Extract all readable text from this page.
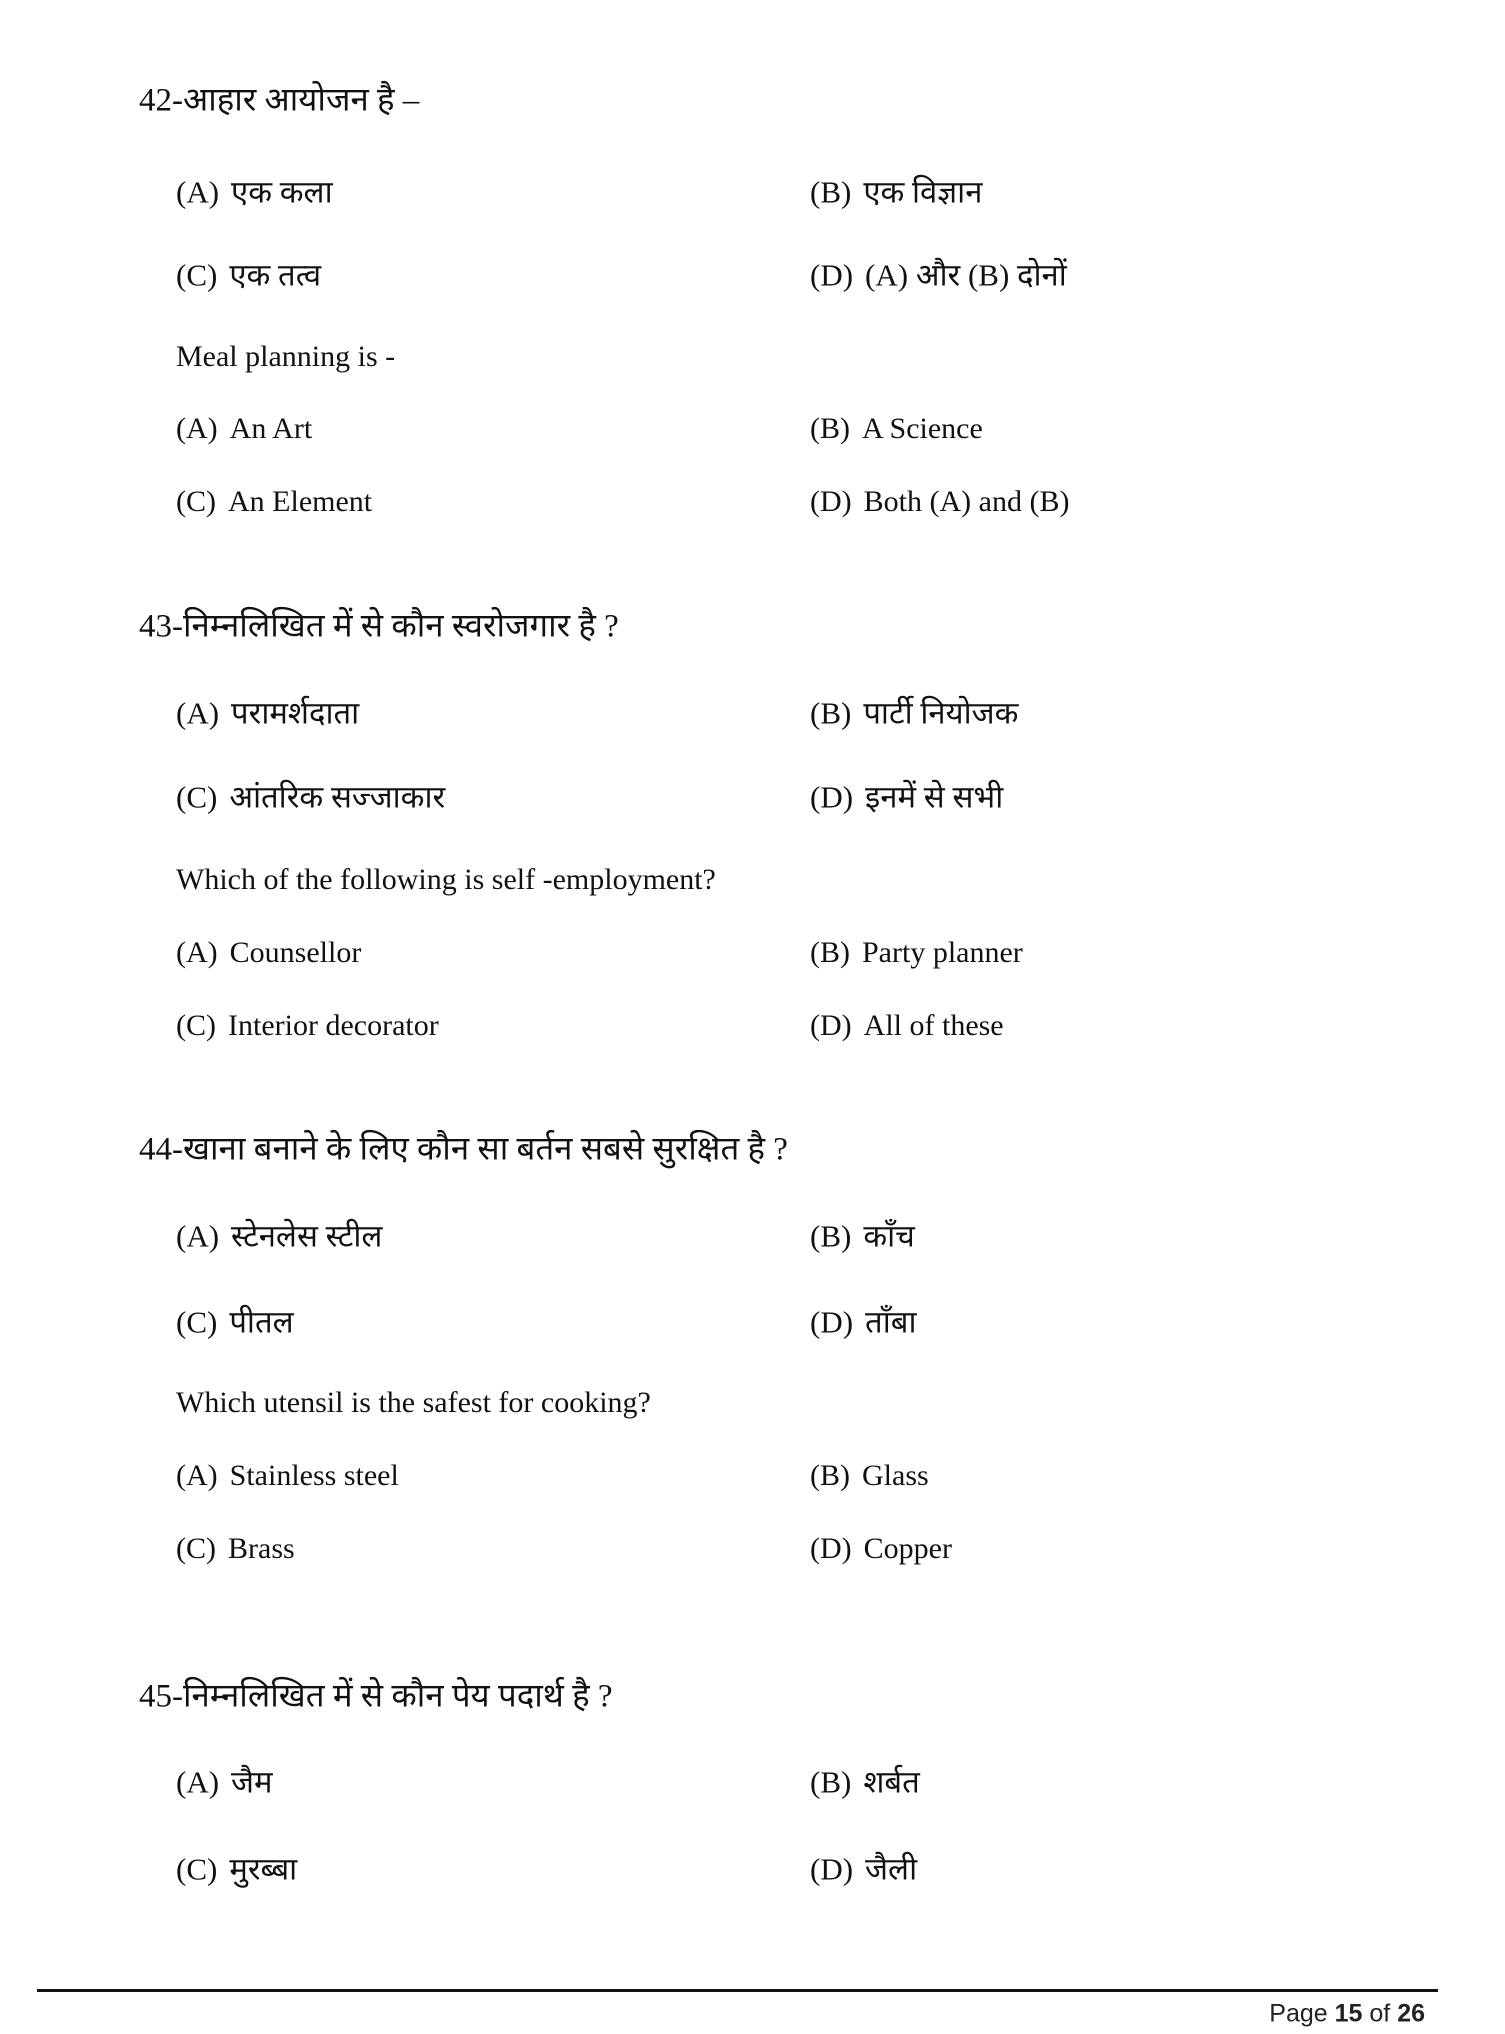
42-आहार आयोजन है –
(A) एक कला	(B) एक विज्ञान
(C) एक तत्व	(D) (A) और (B) दोनों
Meal planning is -
(A) An Art	(B) A Science
(C) An Element	(D) Both (A) and (B)
43-निम्नलिखित में से कौन स्वरोजगार है ?
(A) परामर्शदाता	(B) पार्टी नियोजक
(C) आंतरिक सज्जाकार	(D) इनमें से सभी
Which of the following is self -employment?
(A) Counsellor	(B) Party planner
(C) Interior decorator	(D) All of these
44-खाना बनाने के लिए कौन सा बर्तन सबसे सुरक्षित है ?
(A) स्टेनलेस स्टील	(B) काँच
(C) पीतल	(D) ताँबा
Which utensil is the safest for cooking?
(A) Stainless steel	(B) Glass
(C) Brass	(D) Copper
45-निम्नलिखित में से कौन पेय पदार्थ है ?
(A) जैम	(B) शर्बत
(C) मुरब्बा	(D) जैली
Page 15 of 26
